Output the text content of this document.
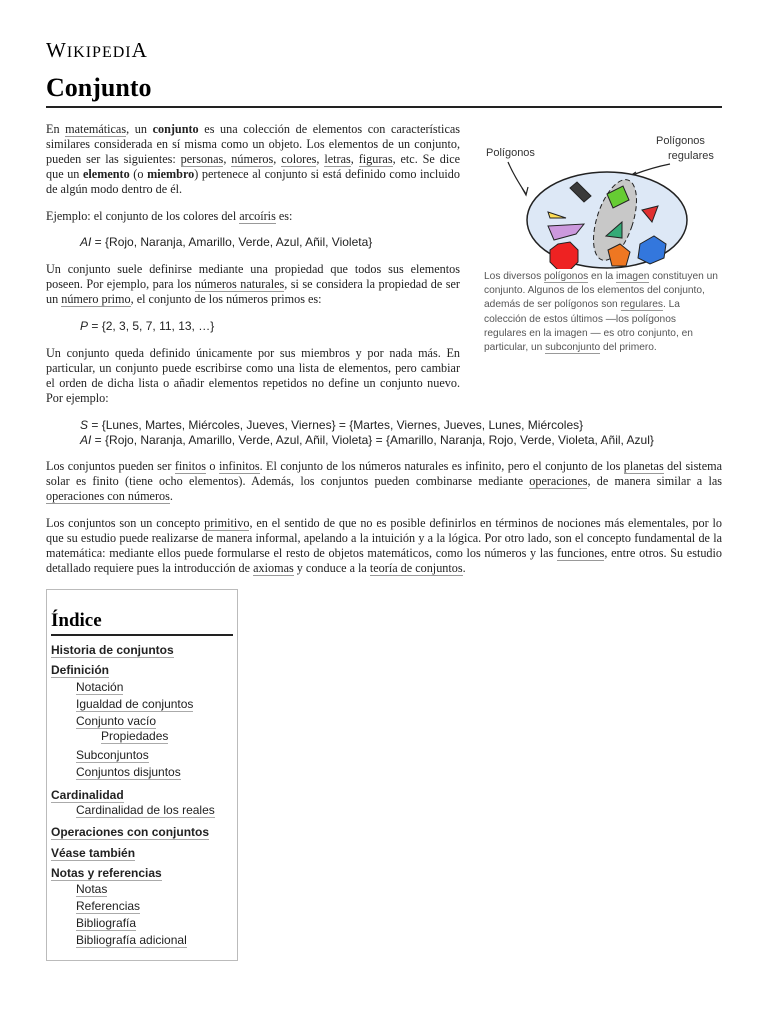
WIKIPEDIA
Conjunto
Polígonos
Polígonos
regulares
Los diversos polígonos en la imagen constituyen un conjunto. Algunos de los elementos del conjunto, además de ser polígonos son regulares. La colección de estos últimos —los polígonos regulares en la imagen — es otro conjunto, en particular, un subconjunto del primero.

En matemáticas, un conjunto es una colección de elementos con características similares considerada en sí misma como un objeto. Los elementos de un conjunto, pueden ser las siguientes: personas, números, colores, letras, figuras, etc. Se dice que un elemento (o miembro) pertenece al conjunto si está definido como incluido de algún modo dentro de él.

Ejemplo: el conjunto de los colores del arcoíris es:

AI = {Rojo, Naranja, Amarillo, Verde, Azul, Añil, Violeta}

Un conjunto suele definirse mediante una propiedad que todos sus elementos poseen. Por ejemplo, para los números naturales, si se considera la propiedad de ser un número primo, el conjunto de los números primos es:

P = {2, 3, 5, 7, 11, 13, …}

Un conjunto queda definido únicamente por sus miembros y por nada más. En particular, un conjunto puede escribirse como una lista de elementos, pero cambiar el orden de dicha lista o añadir elementos repetidos no define un conjunto nuevo. Por ejemplo:

S = {Lunes, Martes, Miércoles, Jueves, Viernes} = {Martes, Viernes, Jueves, Lunes, Miércoles}
AI = {Rojo, Naranja, Amarillo, Verde, Azul, Añil, Violeta} = {Amarillo, Naranja, Rojo, Verde, Violeta, Añil, Azul}

Los conjuntos pueden ser finitos o infinitos. El conjunto de los números naturales es infinito, pero el conjunto de los planetas del sistema solar es finito (tiene ocho elementos). Además, los conjuntos pueden combinarse mediante operaciones, de manera similar a las operaciones con números.

Los conjuntos son un concepto primitivo, en el sentido de que no es posible definirlos en términos de nociones más elementales, por lo que su estudio puede realizarse de manera informal, apelando a la intuición y a la lógica. Por otro lado, son el concepto fundamental de la matemática: mediante ellos puede formularse el resto de objetos matemáticos, como los números y las funciones, entre otros. Su estudio detallado requiere pues la introducción de axiomas y conduce a la teoría de conjuntos.

Índice
Historia de conjuntos
Definición
Notación
Igualdad de conjuntos
Conjunto vacío
Propiedades
Subconjuntos
Conjuntos disjuntos
Cardinalidad
Cardinalidad de los reales
Operaciones con conjuntos
Véase también
Notas y referencias
Notas
Referencias
Bibliografía
Bibliografía adicional
